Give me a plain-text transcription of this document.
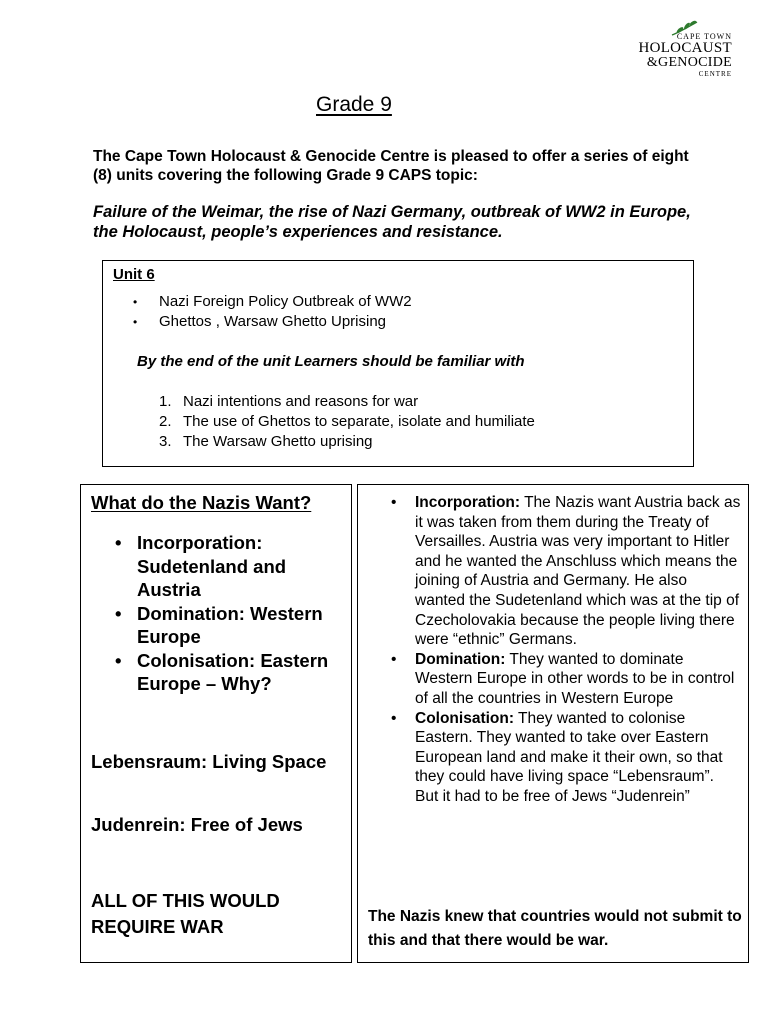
CAPE TOWN
HOLOCAUST
&GENOCIDE
CENTRE
Grade 9
The Cape Town Holocaust & Genocide Centre is pleased to offer a series of eight (8) units covering the following Grade 9 CAPS topic:
Failure of the Weimar, the rise of Nazi Germany, outbreak of WW2 in Europe, the Holocaust, people’s experiences and resistance.
Unit 6
• Nazi Foreign Policy Outbreak of WW2
• Ghettos , Warsaw Ghetto Uprising
By the end of the unit Learners should be familiar with
1. Nazi intentions and reasons for war
2. The use of Ghettos to separate, isolate and humiliate
3. The Warsaw Ghetto uprising
What do the Nazis Want?
• Incorporation: Sudetenland and Austria
• Domination: Western Europe
• Colonisation: Eastern Europe – Why?
Lebensraum: Living Space
Judenrein: Free of Jews
ALL OF THIS WOULD REQUIRE WAR
• Incorporation: The Nazis want Austria back as it was taken from them during the Treaty of Versailles. Austria was very important to Hitler and he wanted the Anschluss which means the joining of Austria and Germany. He also wanted the Sudetenland which was at the tip of Czecholovakia because the people living there were “ethnic” Germans.
• Domination: They wanted to dominate Western Europe in other words to be in control of all the countries in Western Europe
• Colonisation: They wanted to colonise Eastern. They wanted to take over Eastern European land and make it their own, so that they could have living space “Lebensraum”. But it had to be free of Jews “Judenrein”
The Nazis knew that countries would not submit to this and that there would be war.
